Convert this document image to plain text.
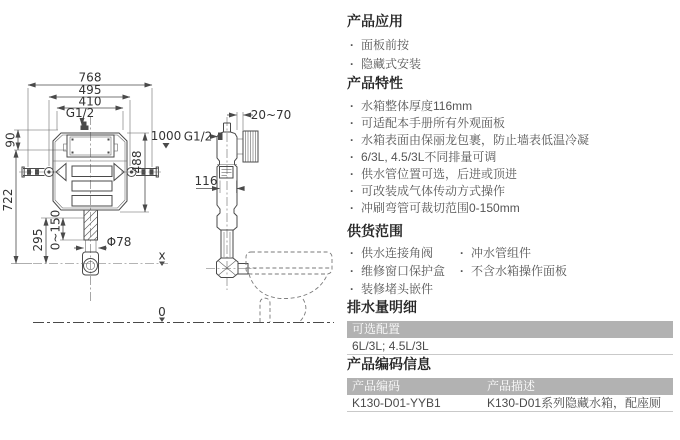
768
495
410
G1/2
90
722
1000
488
295 0~150	Φ78
x
0
20~70
G1/2
116
产品应用
· 面板前按
· 隐藏式安装
产品特性
· 水箱整体厚度116mm
· 可适配本手册所有外观面板
· 水箱表面由保丽龙包裹，防止墙表低温冷凝
· 6/3L, 4.5/3L不同排量可调
· 供水管位置可选，后进或顶进
· 可改装成气体传动方式操作
· 冲刷弯管可裁切范围0-150mm
供货范围
· 供水连接角阀
· 维修窗口保护盒
· 装修堵头嵌件
· 冲水管组件
· 不含水箱操作面板
排水量明细
可选配置
6L/3L; 4.5L/3L
产品编码信息
产品编码	产品描述
K130-D01-YYB1	K130-D01系列隐藏水箱，配座厕
